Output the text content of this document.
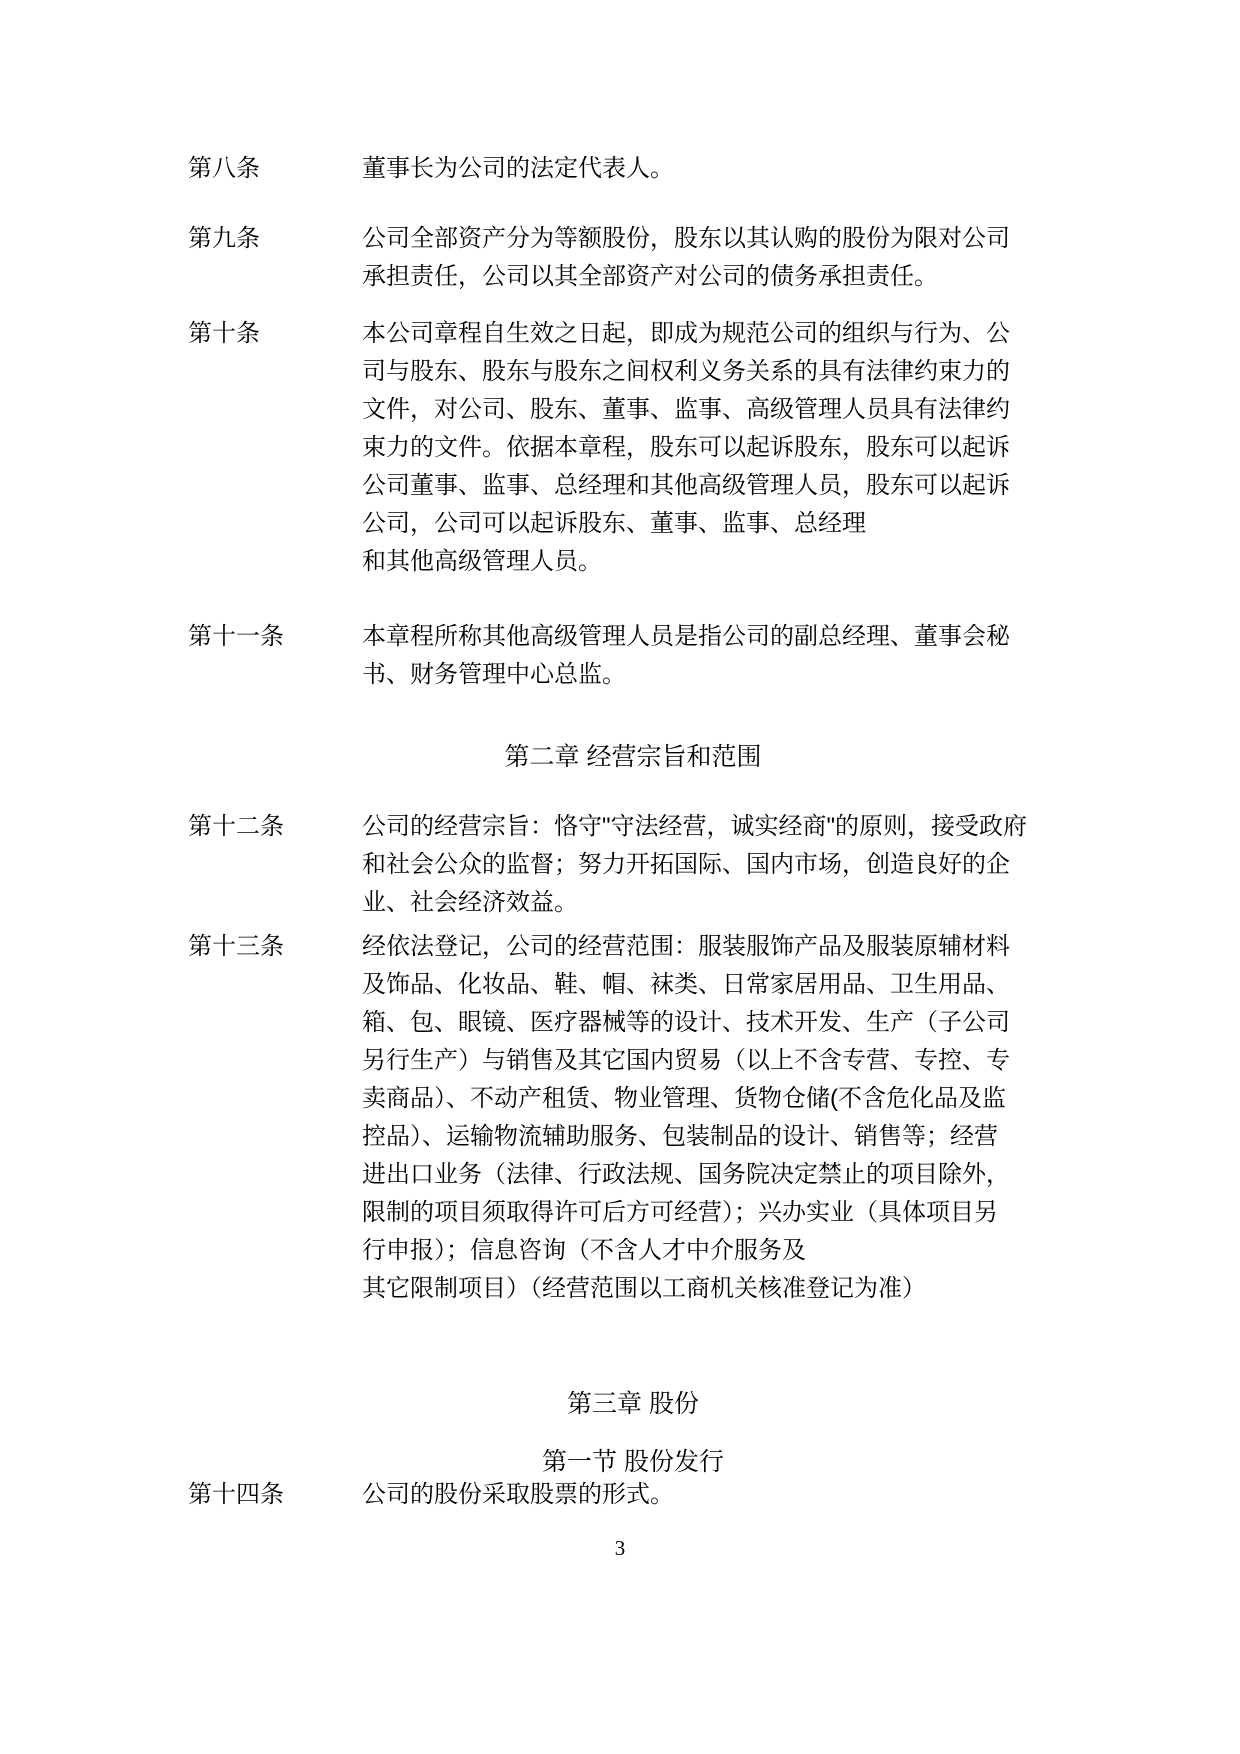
第八条	董事长为公司的法定代表人。
第九条	公司全部资产分为等额股份，股东以其认购的股份为限对公司
承担责任，公司以其全部资产对公司的债务承担责任。
第十条	本公司章程自生效之日起，即成为规范公司的组织与行为、公
司与股东、股东与股东之间权利义务关系的具有法律约束力的
文件，对公司、股东、董事、监事、高级管理人员具有法律约
束力的文件。依据本章程，股东可以起诉股东，股东可以起诉
公司董事、监事、总经理和其他高级管理人员，股东可以起诉
公司，公司可以起诉股东、董事、监事、总经理
和其他高级管理人员。
第十一条	本章程所称其他高级管理人员是指公司的副总经理、董事会秘
书、财务管理中心总监。
第二章 经营宗旨和范围
第十二条	公司的经营宗旨：恪守"守法经营，诚实经商"的原则，接受政府
和社会公众的监督；努力开拓国际、国内市场，创造良好的企
业、社会经济效益。
第十三条	经依法登记，公司的经营范围：服装服饰产品及服装原辅材料
及饰品、化妆品、鞋、帽、袜类、日常家居用品、卫生用品、
箱、包、眼镜、医疗器械等的设计、技术开发、生产（子公司
另行生产）与销售及其它国内贸易（以上不含专营、专控、专
卖商品）、不动产租赁、物业管理、货物仓储(不含危化品及监
控品）、运输物流辅助服务、包装制品的设计、销售等；经营
进出口业务（法律、行政法规、国务院决定禁止的项目除外，
限制的项目须取得许可后方可经营）；兴办实业（具体项目另
行申报）；信息咨询（不含人才中介服务及
其它限制项目）（经营范围以工商机关核准登记为准）
第三章 股份
第一节 股份发行
第十四条	公司的股份采取股票的形式。
3
